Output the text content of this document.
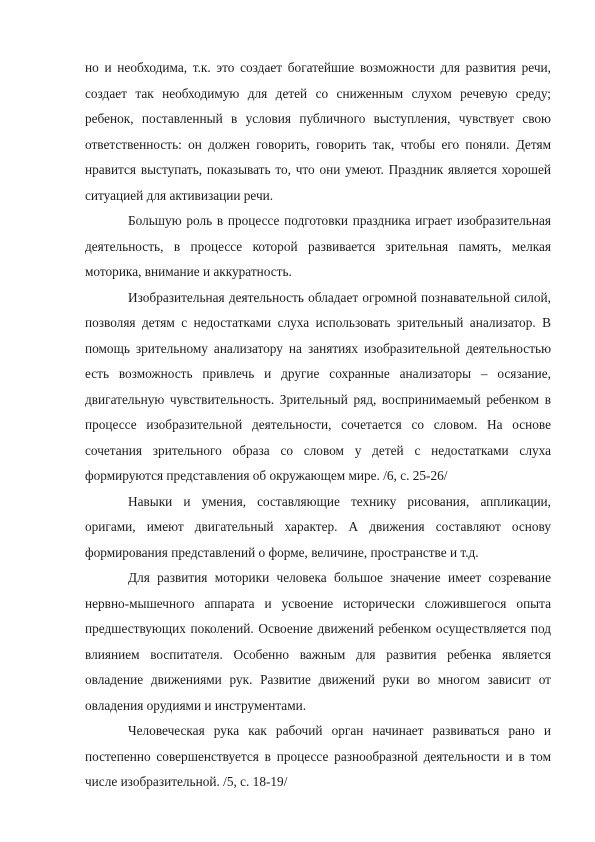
но и необходима, т.к. это создает богатейшие возможности для развития речи, создает так необходимую для детей со сниженным слухом речевую среду; ребенок, поставленный в условия публичного выступления, чувствует свою ответственность: он должен говорить, говорить так, чтобы его поняли. Детям нравится выступать, показывать то, что они умеют. Праздник является хорошей ситуацией для активизации речи.

Большую роль в процессе подготовки праздника играет изобразительная деятельность, в процессе которой развивается зрительная память, мелкая моторика, внимание и аккуратность.

Изобразительная деятельность обладает огромной познавательной силой, позволяя детям с недостатками слуха использовать зрительный анализатор. В помощь зрительному анализатору на занятиях изобразительной деятельностью есть возможность привлечь и другие сохранные анализаторы – осязание, двигательную чувствительность. Зрительный ряд, воспринимаемый ребенком в процессе изобразительной деятельности, сочетается со словом. На основе сочетания зрительного образа со словом у детей с недостатками слуха формируются представления об окружающем мире. /6, с. 25-26/

Навыки и умения, составляющие технику рисования, аппликации, оригами, имеют двигательный характер. А движения составляют основу формирования представлений о форме, величине, пространстве и т.д.

Для развития моторики человека большое значение имеет созревание нервно-мышечного аппарата и усвоение исторически сложившегося опыта предшествующих поколений. Освоение движений ребенком осуществляется под влиянием воспитателя. Особенно важным для развития ребенка является овладение движениями рук. Развитие движений руки во многом зависит от овладения орудиями и инструментами.

Человеческая рука как рабочий орган начинает развиваться рано и постепенно совершенствуется в процессе разнообразной деятельности и в том числе изобразительной. /5, с. 18-19/
